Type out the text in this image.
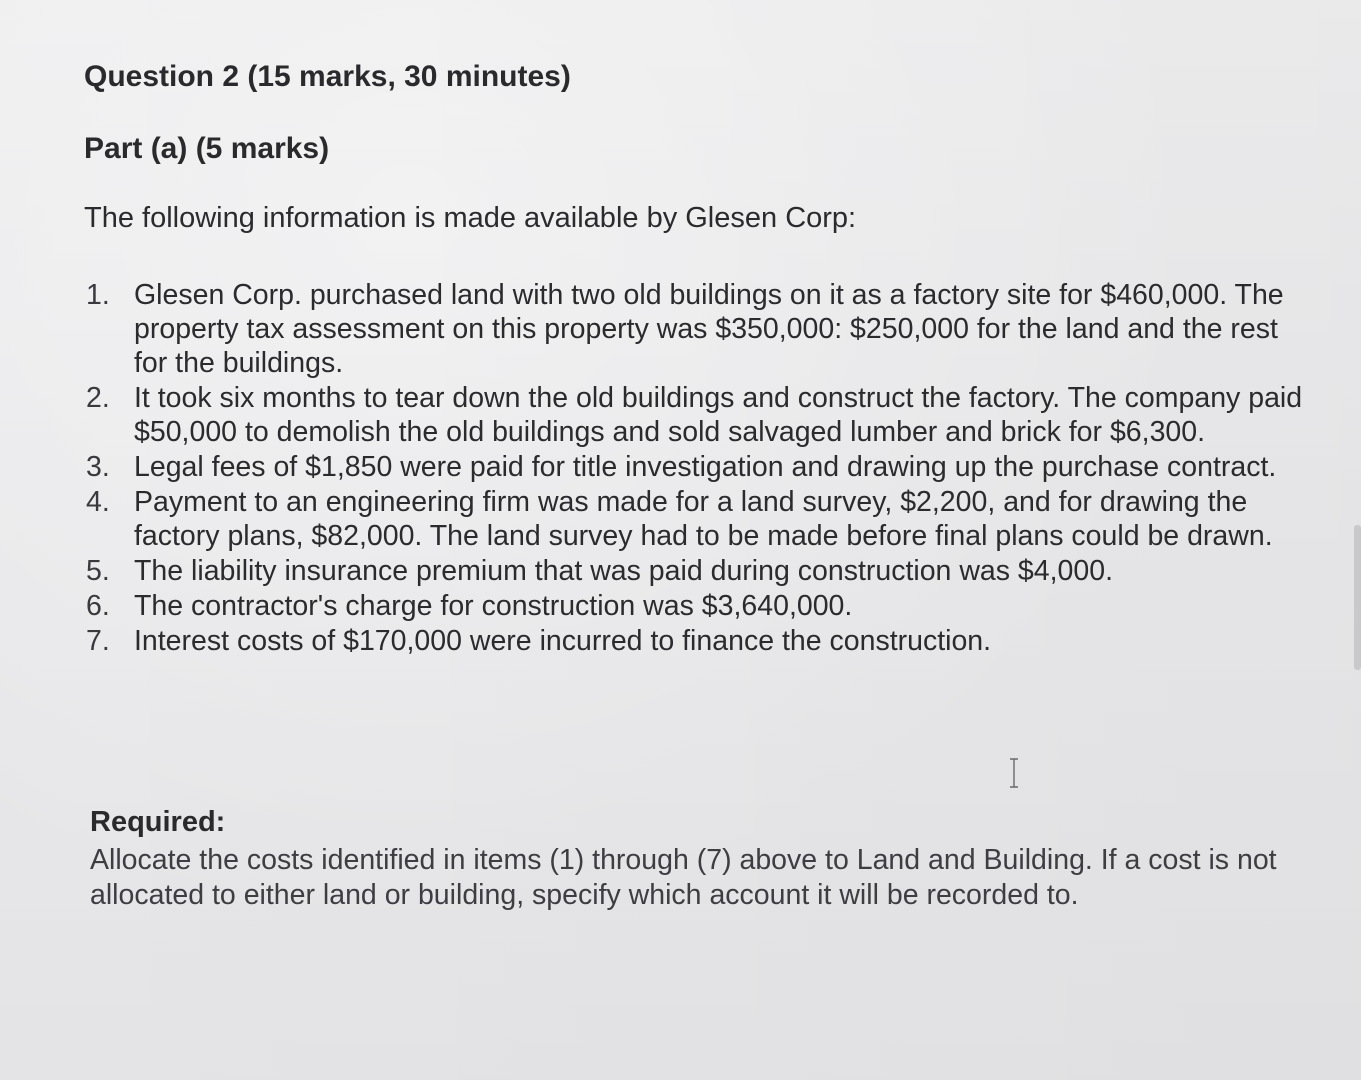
Question 2 (15 marks, 30 minutes)
Part (a) (5 marks)
The following information is made available by Glesen Corp:
1. Glesen Corp. purchased land with two old buildings on it as a factory site for $460,000. The property tax assessment on this property was $350,000: $250,000 for the land and the rest for the buildings.
2. It took six months to tear down the old buildings and construct the factory. The company paid $50,000 to demolish the old buildings and sold salvaged lumber and brick for $6,300.
3. Legal fees of $1,850 were paid for title investigation and drawing up the purchase contract.
4. Payment to an engineering firm was made for a land survey, $2,200, and for drawing the factory plans, $82,000. The land survey had to be made before final plans could be drawn.
5. The liability insurance premium that was paid during construction was $4,000.
6. The contractor's charge for construction was $3,640,000.
7. Interest costs of $170,000 were incurred to finance the construction.
Required:
Allocate the costs identified in items (1) through (7) above to Land and Building. If a cost is not allocated to either land or building, specify which account it will be recorded to.
